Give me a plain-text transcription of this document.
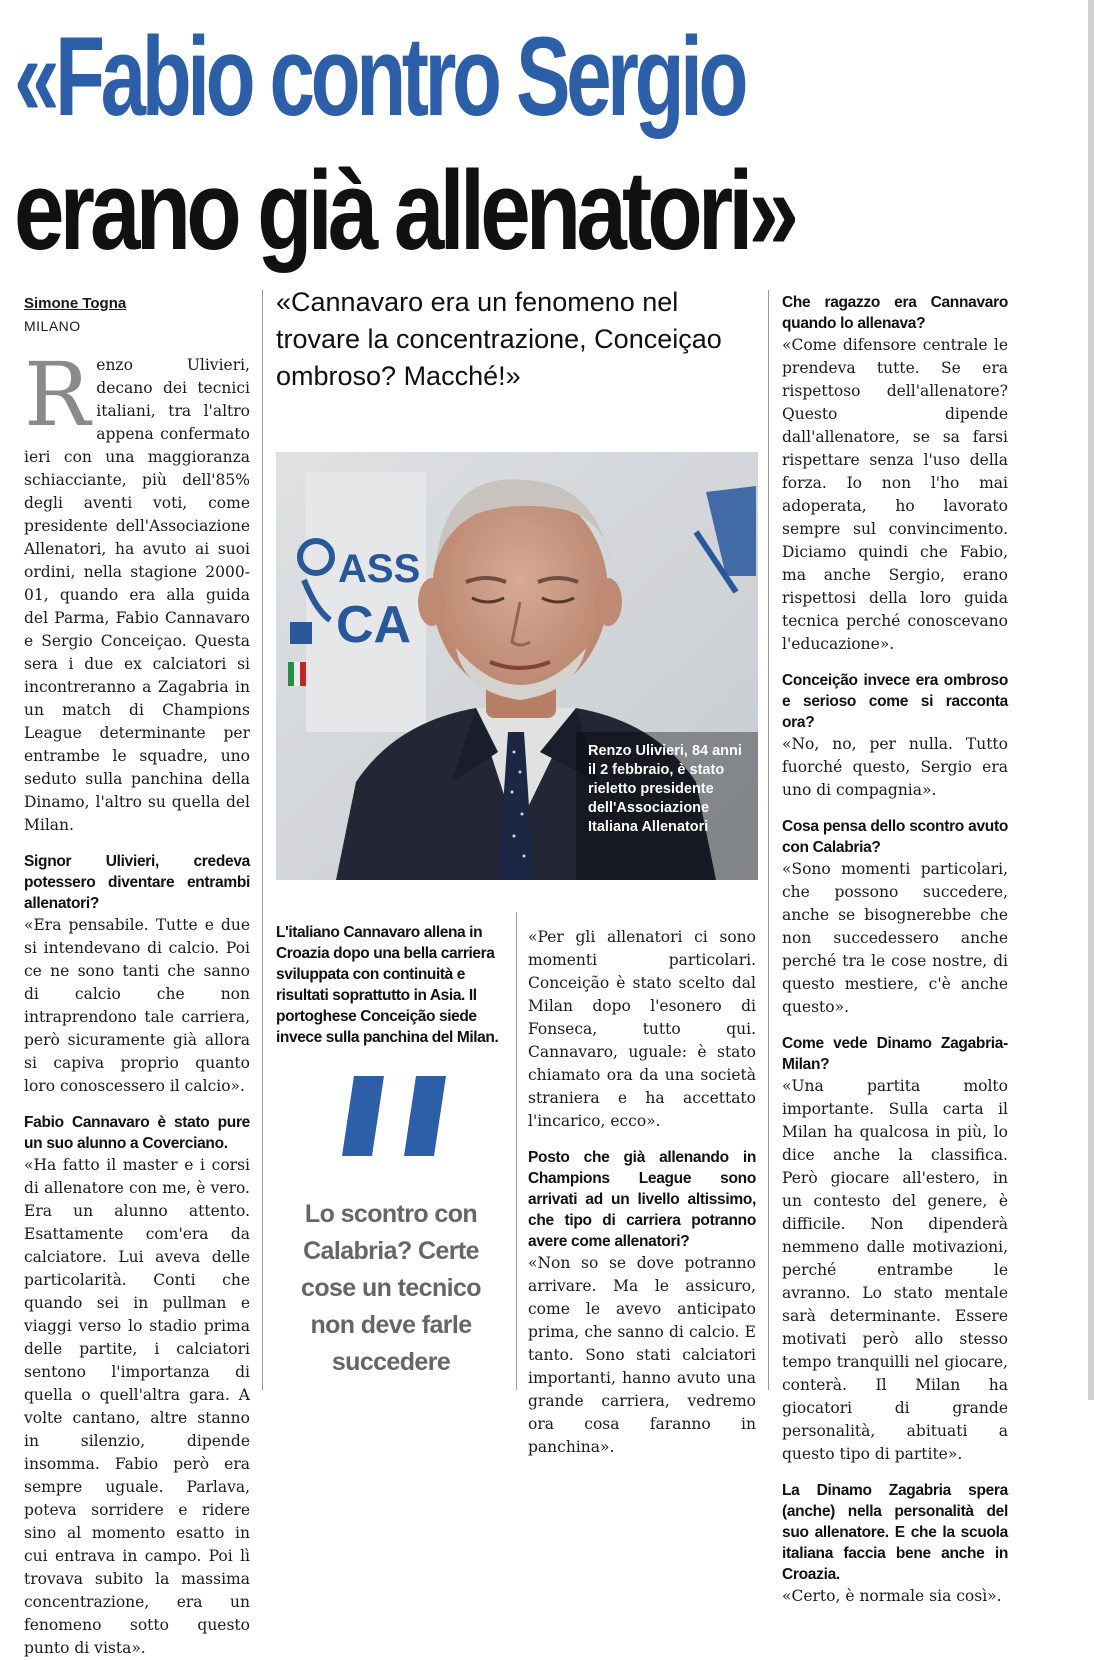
«Fabio contro Sergio
erano già allenatori»
Simone Togna
MILANO

Renzo Ulivieri, decano dei tecnici italiani, tra l'altro appena confermato ieri con una maggioranza schiacciante, più dell'85% degli aventi voti, come presidente dell'Associazione Allenatori, ha avuto ai suoi ordini, nella stagione 2000-01, quando era alla guida del Parma, Fabio Cannavaro e Sergio Conceiçao. Questa sera i due ex calciatori si incontreranno a Zagabria in un match di Champions League determinante per entrambe le squadre, uno seduto sulla panchina della Dinamo, l'altro su quella del Milan.

Signor Ulivieri, credeva potessero diventare entrambi allenatori?

«Era pensabile. Tutte e due si intendevano di calcio. Poi ce ne sono tanti che sanno di calcio che non intraprendono tale carriera, però sicuramente già allora si capiva proprio quanto loro conoscessero il calcio».

Fabio Cannavaro è stato pure un suo alunno a Coverciano.

«Ha fatto il master e i corsi di allenatore con me, è vero. Era un alunno attento. Esattamente com'era da calciatore. Lui aveva delle particolarità. Conti che quando sei in pullman e viaggi verso lo stadio prima delle partite, i calciatori sentono l'importanza di quella o quell'altra gara. A volte cantano, altre stanno in silenzio, dipende insomma. Fabio però era sempre uguale. Parlava, poteva sorridere e ridere sino al momento esatto in cui entrava in campo. Poi lì trovava subito la massima concentrazione, era un fenomeno sotto questo punto di vista».

«Cannavaro era un fenomeno nel trovare la concentrazione, Conceiçao ombroso? Macché!»
ASS
CA
Renzo Ulivieri, 84 anni il 2 febbraio, è stato rieletto presidente dell'Associazione Italiana Allenatori
L'italiano Cannavaro allena in Croazia dopo una bella carriera sviluppata con continuità e risultati soprattutto in Asia. Il portoghese Conceição siede invece sulla panchina del Milan.
Lo scontro con Calabria? Certe cose un tecnico non deve farle succedere

«Per gli allenatori ci sono momenti particolari. Conceição è stato scelto dal Milan dopo l'esonero di Fonseca, tutto qui. Cannavaro, uguale: è stato chiamato ora da una società straniera e ha accettato l'incarico, ecco».

Posto che già allenando in Champions League sono arrivati ad un livello altissimo, che tipo di carriera potranno avere come allenatori?

«Non so se dove potranno arrivare. Ma le assicuro, come le avevo anticipato prima, che sanno di calcio. E tanto. Sono stati calciatori importanti, hanno avuto una grande carriera, vedremo ora cosa faranno in panchina».

Che ragazzo era Cannavaro quando lo allenava?

«Come difensore centrale le prendeva tutte. Se era rispettoso dell'allenatore? Questo dipende dall'allenatore, se sa farsi rispettare senza l'uso della forza. Io non l'ho mai adoperata, ho lavorato sempre sul convincimento. Diciamo quindi che Fabio, ma anche Sergio, erano rispettosi della loro guida tecnica perché conoscevano l'educazione».

Conceição invece era ombroso e serioso come si racconta ora?

«No, no, per nulla. Tutto fuorché questo, Sergio era uno di compagnia».

Cosa pensa dello scontro avuto con Calabria?

«Sono momenti particolari, che possono succedere, anche se bisognerebbe che non succedessero anche perché tra le cose nostre, di questo mestiere, c'è anche questo».

Come vede Dinamo Zagabria-Milan?

«Una partita molto importante. Sulla carta il Milan ha qualcosa in più, lo dice anche la classifica. Però giocare all'estero, in un contesto del genere, è difficile. Non dipenderà nemmeno dalle motivazioni, perché entrambe le avranno. Lo stato mentale sarà determinante. Essere motivati però allo stesso tempo tranquilli nel giocare, conterà. Il Milan ha giocatori di grande personalità, abituati a questo tipo di partite».

La Dinamo Zagabria spera (anche) nella personalità del suo allenatore. E che la scuola italiana faccia bene anche in Croazia.

«Certo, è normale sia così».
